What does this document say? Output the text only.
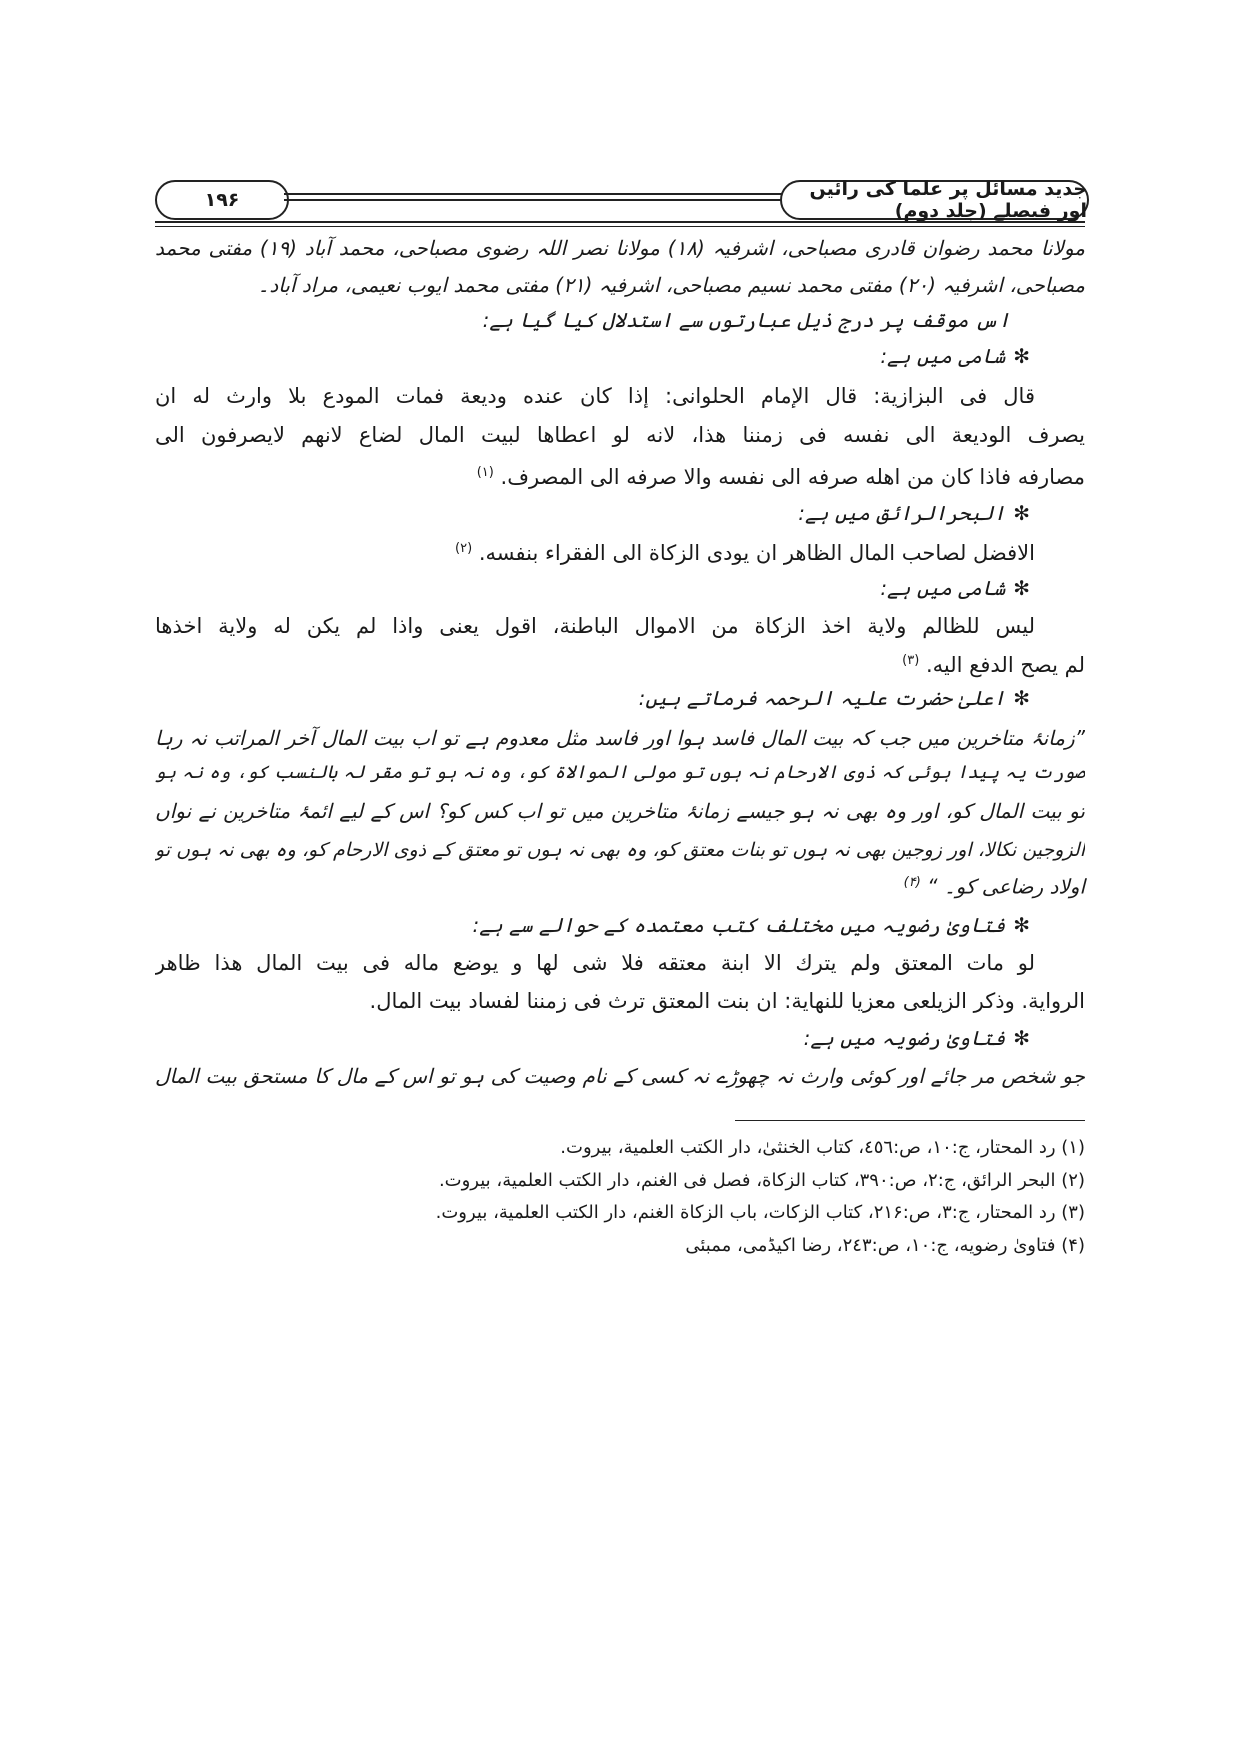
۱۹۶	جدید مسائل پر علما کی رائیں اور فیصلے (جلد دوم)
مولانا محمد رضوان قادری مصباحی، اشرفیہ (۱۸) مولانا نصر اللہ رضوی مصباحی، محمد آباد (۱۹) مفتی محمد
مصباحی، اشرفیہ (۲۰) مفتی محمد نسیم مصباحی، اشرفیہ (۲۱) مفتی محمد ایوب نعیمی، مراد آباد۔
اس موقف پر درج ذیل عبارتوں سے استدلال کیا گیا ہے:
✻شامی میں ہے:
قال فی البزازية: قال الإمام الحلوانی: إذا کان عنده وديعة فمات المودع بلا وارث له ان
يصرف الوديعة الى نفسه فی زمننا هذا، لانه لو اعطاها لبيت المال لضاع لانهم لايصرفون الى
مصارفه فاذا کان من اهله صرفه الى نفسه والا صرفه الى المصرف. $^{(۱)}$
✻البحرالرائق میں ہے:
الافضل لصاحب المال الظاهر ان يودی الزکاة الى الفقراء بنفسه. $^{(۲)}$
✻شامی میں ہے:
ليس للظالم ولاية اخذ الزکاة من الاموال الباطنة، اقول يعنی واذا لم يکن له ولاية اخذها
لم يصح الدفع اليه. $^{(۳)}$
✻اعلیٰ حضرت علیہ الرحمہ فرماتے ہیں:
”زمانۂ متاخرین میں جب کہ بیت المال فاسد ہوا اور فاسد مثل معدوم ہے تو اب بیت المال آخر المراتب نہ رہا
صورت یہ پیدا ہوئی کہ ذوی الارحام نہ ہوں تو مولی الموالاۃ کو، وہ نہ ہو تو مقر لہ بالنسب کو، وہ نہ ہو
تو بیت المال کو، اور وہ بھی نہ ہو جیسے زمانۂ متاخرین میں تو اب کس کو؟ اس کے لیے ائمۂ متاخرین نے نواں
الزوجین نکالا، اور زوجین بھی نہ ہوں تو بنات معتق کو، وہ بھی نہ ہوں تو معتق کے ذوی الارحام کو، وہ بھی نہ ہوں تو
اولاد رضاعی کو۔ “ $^{(۴)}$
✻فتاویٰ رضویہ میں مختلف کتب معتمدہ کے حوالے سے ہے:
لو مات المعتق ولم يترك الا ابنة معتقه فلا شی لها و يوضع ماله فی بيت المال هذا ظاهر
الرواية. وذکر الزيلعی معزيا للنهاية: ان بنت المعتق ترث فی زمننا لفساد بيت المال.
✻فتاویٰ رضویہ میں ہے:
جو شخص مر جائے اور کوئی وارث نہ چھوڑے نہ کسی کے نام وصیت کی ہو تو اس کے مال کا مستحق بیت المال
(۱) رد المحتار، ج:۱۰، ص:٤٥٦، کتاب الخنثیٰ، دار الکتب العلمية، بيروت.
(۲) البحر الرائق، ج:۲، ص:۳۹۰، کتاب الزکاة، فصل فی الغنم، دار الکتب العلمية، بيروت.
(۳) رد المحتار، ج:۳، ص:۲۱۶، کتاب الزکات، باب الزکاة الغنم، دار الکتب العلمية، بيروت.
(۴) فتاویٰ رضويه، ج:۱۰، ص:۲٤۳، رضا اکیڈمی، ممبئی
